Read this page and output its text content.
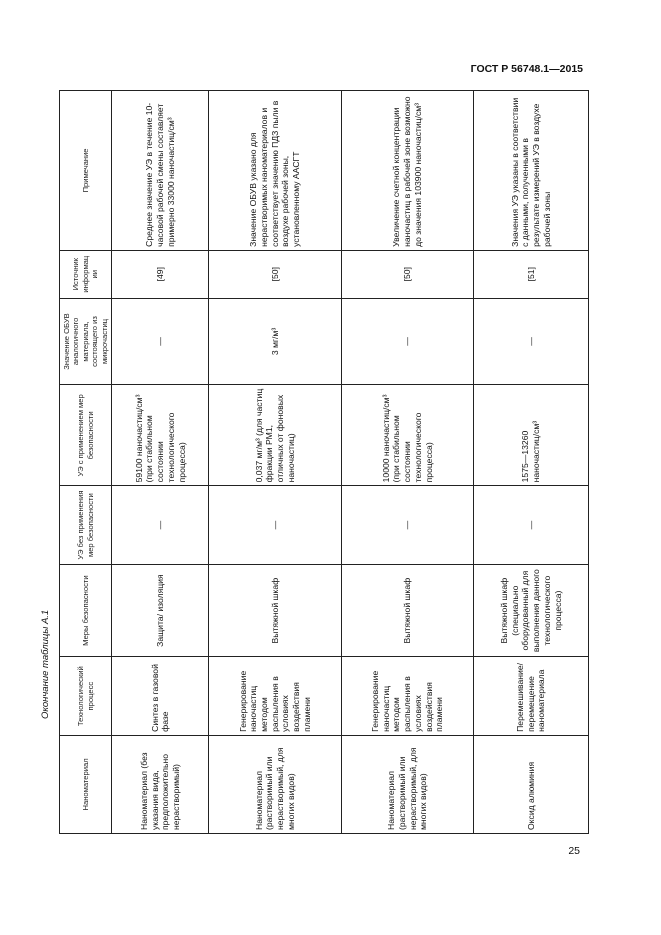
ГОСТ Р 56748.1—2015
Окончание таблицы А.1
Наноматериал	Технологический процесс	Меры безопасности	УЭ без применения мер безопасности	УЭ с применением мер безопасности	Значение ОБУВ аналогичного материала, состоящего из микрочастиц	Источник информации	Примечание
Наноматериал (без указания вида, предположительно нерастворимый)	Синтез в газовой фазе	Защита/ изоляция	—	59100 наночастиц/см³ (при стабильном состоянии технологического процесса)	—	[49]	Среднее значение УЭ в течение 10-часовой рабочей смены составляет примерно 33000 наночастиц/см³
Наноматериал (растворимый или нерастворимый, для многих видов)	Генерирование наночастиц методом распыления в условиях воздействия пламени	Вытяжной шкаф	—	0,037 мг/м³ (для частиц фракции PM1, отличных от фоновых наночастиц)	3 мг/м³	[50]	Значение ОБУВ указано для нерастворимых наноматериалов и соответствует значению ПДЗ пыли в воздухе рабочей зоны, установленному AACГТ
Наноматериал (растворимый или нерастворимый, для многих видов)	Генерирование наночастиц методом распыления в условиях воздействия пламени	Вытяжной шкаф	—	10000 наночастиц/см³ (при стабильном состоянии технологического процесса)	—	[50]	Увеличение счетной концентрации наночастиц в рабочей зоне возможно до значения 103900 наночастиц/см³
Оксид алюминия	Перемешивание/ перемещение наноматериала	Вытяжной шкаф (специально оборудованный для выполнения данного технологического процесса)	—	1575—13260 наночастиц/см³	—	[51]	Значения УЭ указаны в соответствии с данными, полученными в результате измерений УЭ в воздухе рабочей зоны
25
